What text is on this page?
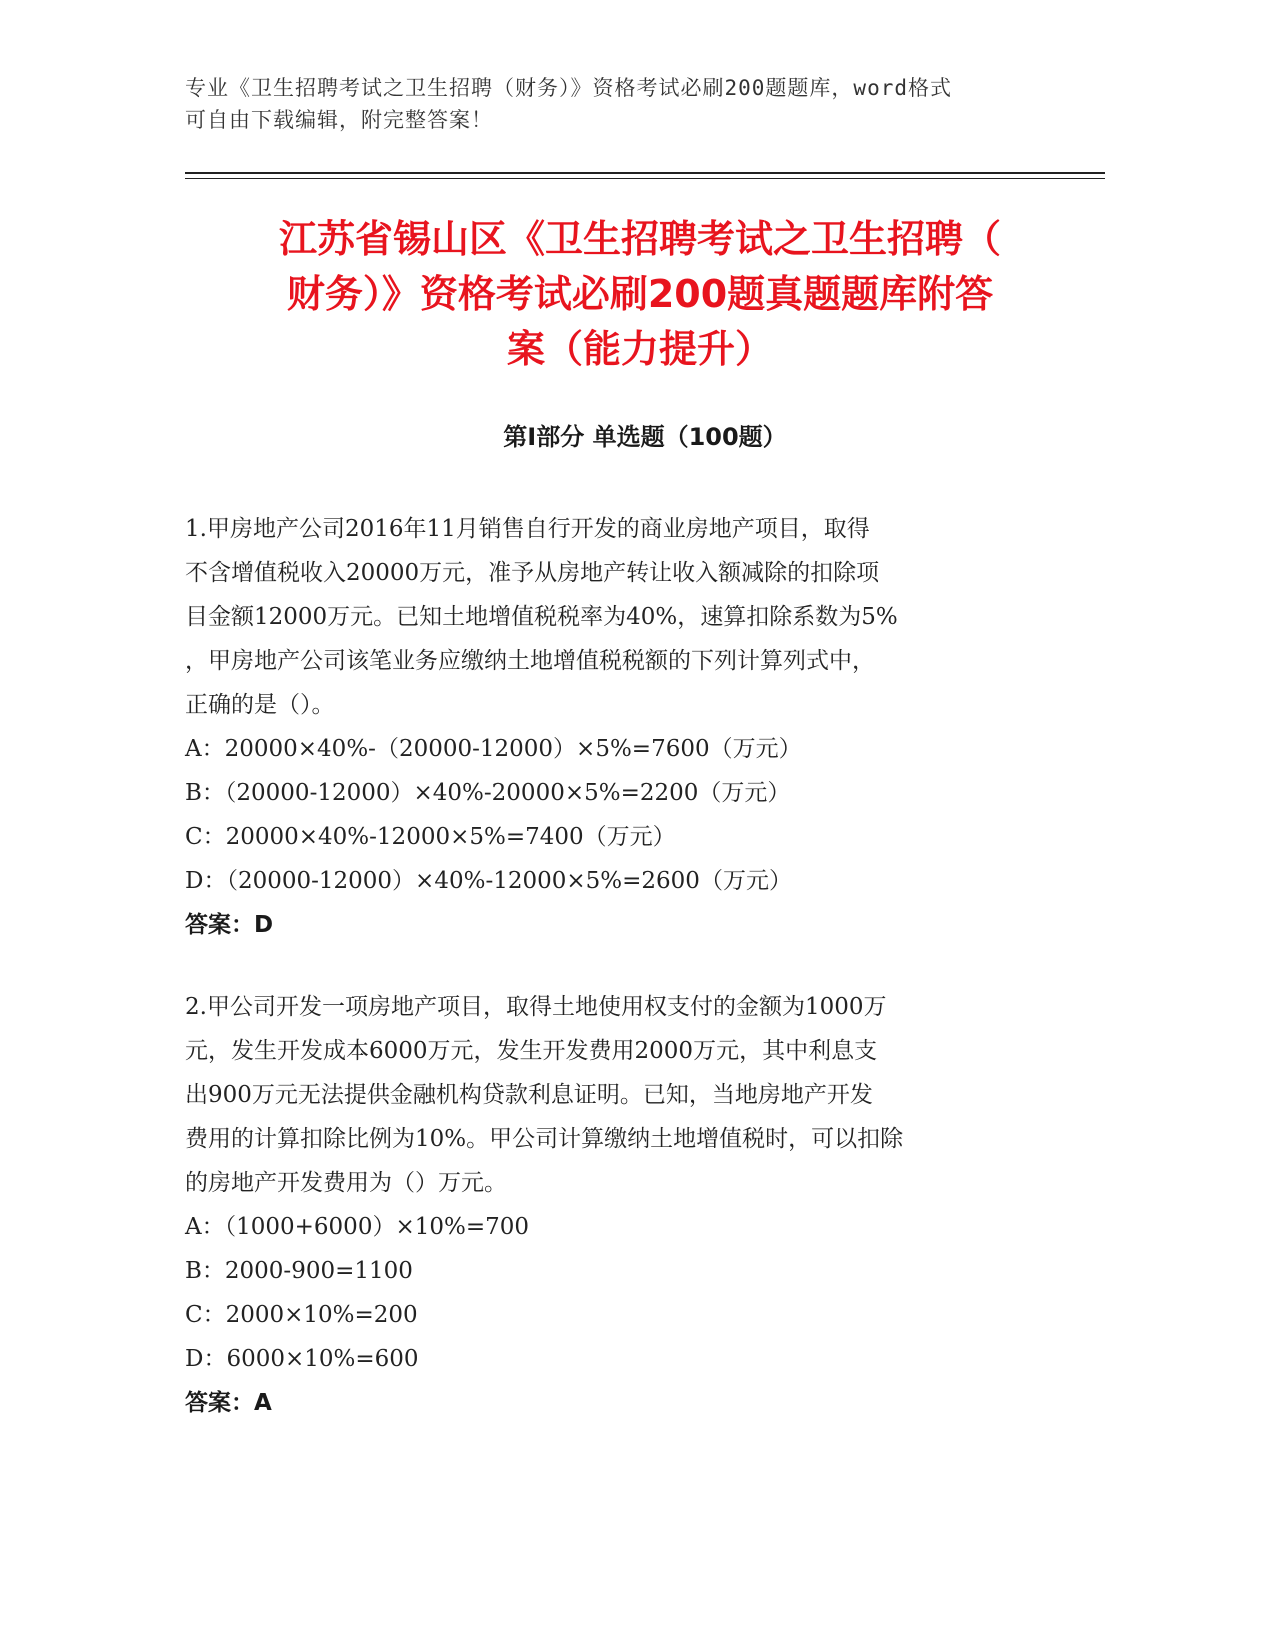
专业《卫生招聘考试之卫生招聘（财务）》资格考试必刷200题题库，word格式
可自由下载编辑，附完整答案！
江苏省锡山区《卫生招聘考试之卫生招聘（
财务）》资格考试必刷200题真题题库附答
案（能力提升）
第Ⅰ部分 单选题（100题）
1.甲房地产公司2016年11月销售自行开发的商业房地产项目，取得
不含增值税收入20000万元，准予从房地产转让收入额减除的扣除项
目金额12000万元。已知土地增值税税率为40%，速算扣除系数为5%
，甲房地产公司该笔业务应缴纳土地增值税税额的下列计算列式中，
正确的是（）。
A：20000×40%-（20000-12000）×5%=7600（万元）
B：（20000-12000）×40%-20000×5%=2200（万元）
C：20000×40%-12000×5%=7400（万元）
D：（20000-12000）×40%-12000×5%=2600（万元）
答案：D
2.甲公司开发一项房地产项目，取得土地使用权支付的金额为1000万
元，发生开发成本6000万元，发生开发费用2000万元，其中利息支
出900万元无法提供金融机构贷款利息证明。已知，当地房地产开发
费用的计算扣除比例为10%。甲公司计算缴纳土地增值税时，可以扣除
的房地产开发费用为（）万元。
A：（1000+6000）×10%=700
B：2000-900=1100
C：2000×10%=200
D：6000×10%=600
答案：A
